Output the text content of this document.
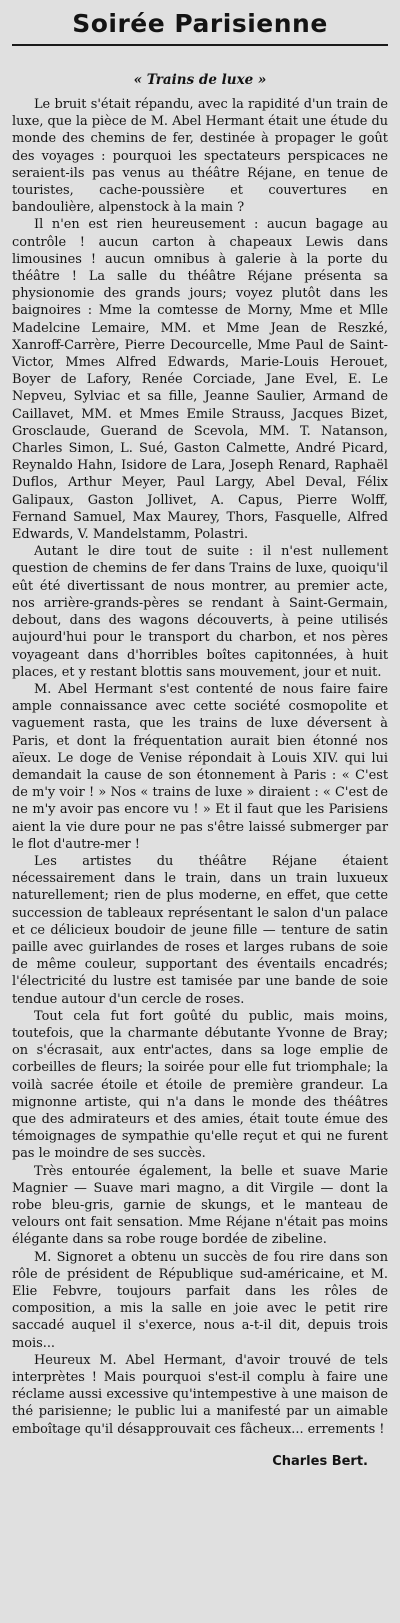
Soirée Parisienne
« Trains de luxe »

Le bruit s'était répandu, avec la rapidité d'un train de luxe, que la pièce de M. Abel Hermant était une étude du monde des chemins de fer, destinée à propager le goût des voyages : pourquoi les spectateurs perspicaces ne seraient-ils pas venus au théâtre Réjane, en tenue de touristes, cache-poussière et couvertures en bandoulière, alpenstock à la main ?

Il n'en est rien heureusement : aucun bagage au contrôle ! aucun carton à chapeaux Lewis dans limousines ! aucun omnibus à galerie à la porte du théâtre ! La salle du théâtre Réjane présenta sa physionomie des grands jours; voyez plutôt dans les baignoires : Mme la comtesse de Morny, Mme et Mlle Madelcine Lemaire, MM. et Mme Jean de Reszké, Xanroff-Carrère, Pierre Decourcelle, Mme Paul de Saint-Victor, Mmes Alfred Edwards, Marie-Louis Herouet, Boyer de Lafory, Renée Corciade, Jane Evel, E. Le Nepveu, Sylviac et sa fille, Jeanne Saulier, Armand de Caillavet, MM. et Mmes Emile Strauss, Jacques Bizet, Grosclaude, Guerand de Scevola, MM. T. Natanson, Charles Simon, L. Sué, Gaston Calmette, André Picard, Reynaldo Hahn, Isidore de Lara, Joseph Renard, Raphaël Duflos, Arthur Meyer, Paul Largy, Abel Deval, Félix Galipaux, Gaston Jollivet, A. Capus, Pierre Wolff, Fernand Samuel, Max Maurey, Thors, Fasquelle, Alfred Edwards, V. Mandelstamm, Polastri.

Autant le dire tout de suite : il n'est nullement question de chemins de fer dans Trains de luxe, quoiqu'il eût été divertissant de nous montrer, au premier acte, nos arrière-grands-pères se rendant à Saint-Germain, debout, dans des wagons découverts, à peine utilisés aujourd'hui pour le transport du charbon, et nos pères voyageant dans d'horribles boîtes capitonnées, à huit places, et y restant blottis sans mouvement, jour et nuit.

M. Abel Hermant s'est contenté de nous faire faire ample connaissance avec cette société cosmopolite et vaguement rasta, que les trains de luxe déversent à Paris, et dont la fréquentation aurait bien étonné nos aïeux. Le doge de Venise répondait à Louis XIV. qui lui demandait la cause de son étonnement à Paris : « C'est de m'y voir ! » Nos « trains de luxe » diraient : « C'est de ne m'y avoir pas encore vu ! » Et il faut que les Parisiens aient la vie dure pour ne pas s'être laissé submerger par le flot d'autre-mer !

Les artistes du théâtre Réjane étaient nécessairement dans le train, dans un train luxueux naturellement; rien de plus moderne, en effet, que cette succession de tableaux représentant le salon d'un palace et ce délicieux boudoir de jeune fille — tenture de satin paille avec guirlandes de roses et larges rubans de soie de même couleur, supportant des éventails encadrés; l'électricité du lustre est tamisée par une bande de soie tendue autour d'un cercle de roses.

Tout cela fut fort goûté du public, mais moins, toutefois, que la charmante débutante Yvonne de Bray; on s'écrasait, aux entr'actes, dans sa loge emplie de corbeilles de fleurs; la soirée pour elle fut triomphale; la voilà sacrée étoile et étoile de première grandeur. La mignonne artiste, qui n'a dans le monde des théâtres que des admirateurs et des amies, était toute émue des témoignages de sympathie qu'elle reçut et qui ne furent pas le moindre de ses succès.

Très entourée également, la belle et suave Marie Magnier — Suave mari magno, a dit Virgile — dont la robe bleu-gris, garnie de skungs, et le manteau de velours ont fait sensation. Mme Réjane n'était pas moins élégante dans sa robe rouge bordée de zibeline.

M. Signoret a obtenu un succès de fou rire dans son rôle de président de République sud-américaine, et M. Elie Febvre, toujours parfait dans les rôles de composition, a mis la salle en joie avec le petit rire saccadé auquel il s'exerce, nous a-t-il dit, depuis trois mois...

Heureux M. Abel Hermant, d'avoir trouvé de tels interprètes ! Mais pourquoi s'est-il complu à faire une réclame aussi excessive qu'intempestive à une maison de thé parisienne; le public lui a manifesté par un aimable emboîtage qu'il désapprouvait ces fâcheux... errements !

Charles Bert.
